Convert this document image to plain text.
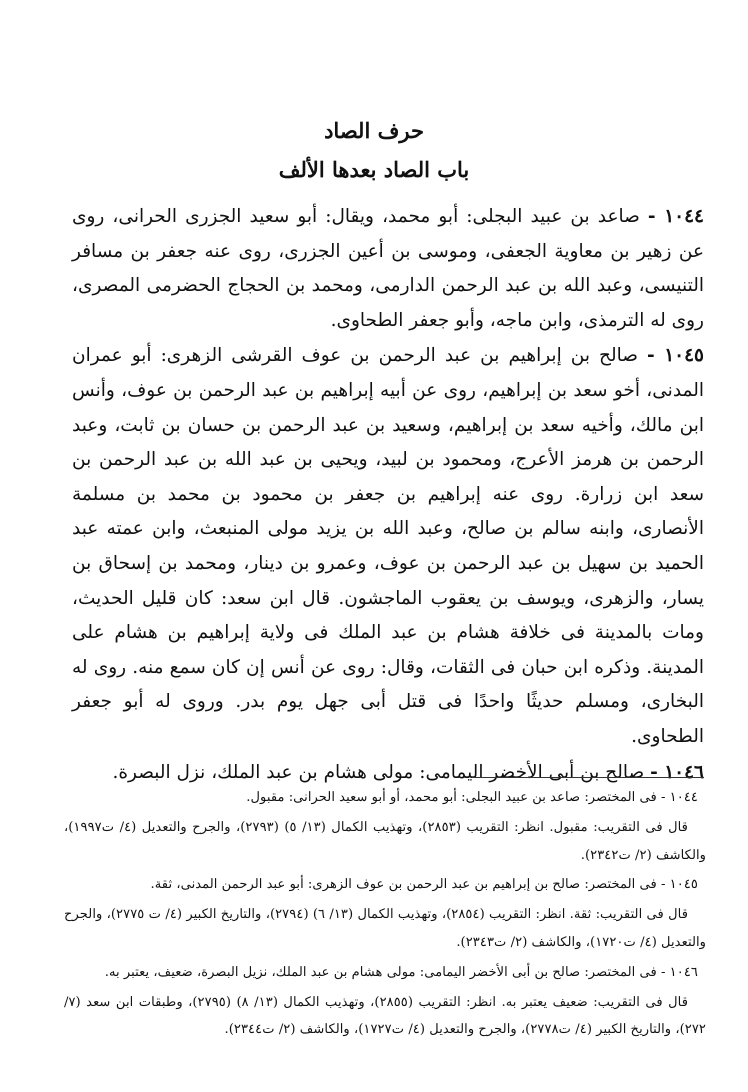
حرف الصاد
باب الصاد بعدها الألف

١٠٤٤ - صاعد بن عبيد البجلى: أبو محمد، ويقال: أبو سعيد الجزرى الحرانى، روى عن زهير بن معاوية الجعفى، وموسى بن أعين الجزرى، روى عنه جعفر بن مسافر التنيسى، وعبد الله بن عبد الرحمن الدارمى، ومحمد بن الحجاج الحضرمى المصرى، روى له الترمذى، وابن ماجه، وأبو جعفر الطحاوى.

١٠٤٥ - صالح بن إبراهيم بن عبد الرحمن بن عوف القرشى الزهرى: أبو عمران المدنى، أخو سعد بن إبراهيم، روى عن أبيه إبراهيم بن عبد الرحمن بن عوف، وأنس ابن مالك، وأخيه سعد بن إبراهيم، وسعيد بن عبد الرحمن بن حسان بن ثابت، وعبد الرحمن بن هرمز الأعرج، ومحمود بن لبيد، ويحيى بن عبد الله بن عبد الرحمن بن سعد ابن زرارة. روى عنه إبراهيم بن جعفر بن محمود بن محمد بن مسلمة الأنصارى، وابنه سالم بن صالح، وعبد الله بن يزيد مولى المنبعث، وابن عمته عبد الحميد بن سهيل بن عبد الرحمن بن عوف، وعمرو بن دينار، ومحمد بن إسحاق بن يسار، والزهرى، ويوسف بن يعقوب الماجشون. قال ابن سعد: كان قليل الحديث، ومات بالمدينة فى خلافة هشام بن عبد الملك فى ولاية إبراهيم بن هشام على المدينة. وذكره ابن حبان فى الثقات، وقال: روى عن أنس إن كان سمع منه. روى له البخارى، ومسلم حديثًا واحدًا فى قتل أبى جهل يوم بدر. وروى له أبو جعفر الطحاوى.

١٠٤٦ - صالح بن أبى الأخضر اليمامى: مولى هشام بن عبد الملك، نزل البصرة.

١٠٤٤ - فى المختصر: صاعد بن عبيد البجلى: أبو محمد، أو أبو سعيد الحرانى: مقبول.

قال فى التقريب: مقبول. انظر: التقريب (٢٨٥٣)، وتهذيب الكمال (١٣/ ٥) (٢٧٩٣)، والجرح والتعديل (٤/ ت١٩٩٧)، والكاشف (٢/ ت٢٣٤٢).

١٠٤٥ - فى المختصر: صالح بن إبراهيم بن عبد الرحمن بن عوف الزهرى: أبو عبد الرحمن المدنى، ثقة.

قال فى التقريب: ثقة. انظر: التقريب (٢٨٥٤)، وتهذيب الكمال (١٣/ ٦) (٢٧٩٤)، والتاريخ الكبير (٤/ ت ٢٧٧٥)، والجرح والتعديل (٤/ ت١٧٢٠)، والكاشف (٢/ ت٢٣٤٣).

١٠٤٦ - فى المختصر: صالح بن أبى الأخضر اليمامى: مولى هشام بن عبد الملك، نزيل البصرة، ضعيف، يعتبر به.

قال فى التقريب: ضعيف يعتبر به. انظر: التقريب (٢٨٥٥)، وتهذيب الكمال (١٣/ ٨) (٢٧٩٥)، وطبقات ابن سعد (٧/ ٢٧٢)، والتاريخ الكبير (٤/ ت٢٧٧٨)، والجرح والتعديل (٤/ ت١٧٢٧)، والكاشف (٢/ ت٢٣٤٤).
